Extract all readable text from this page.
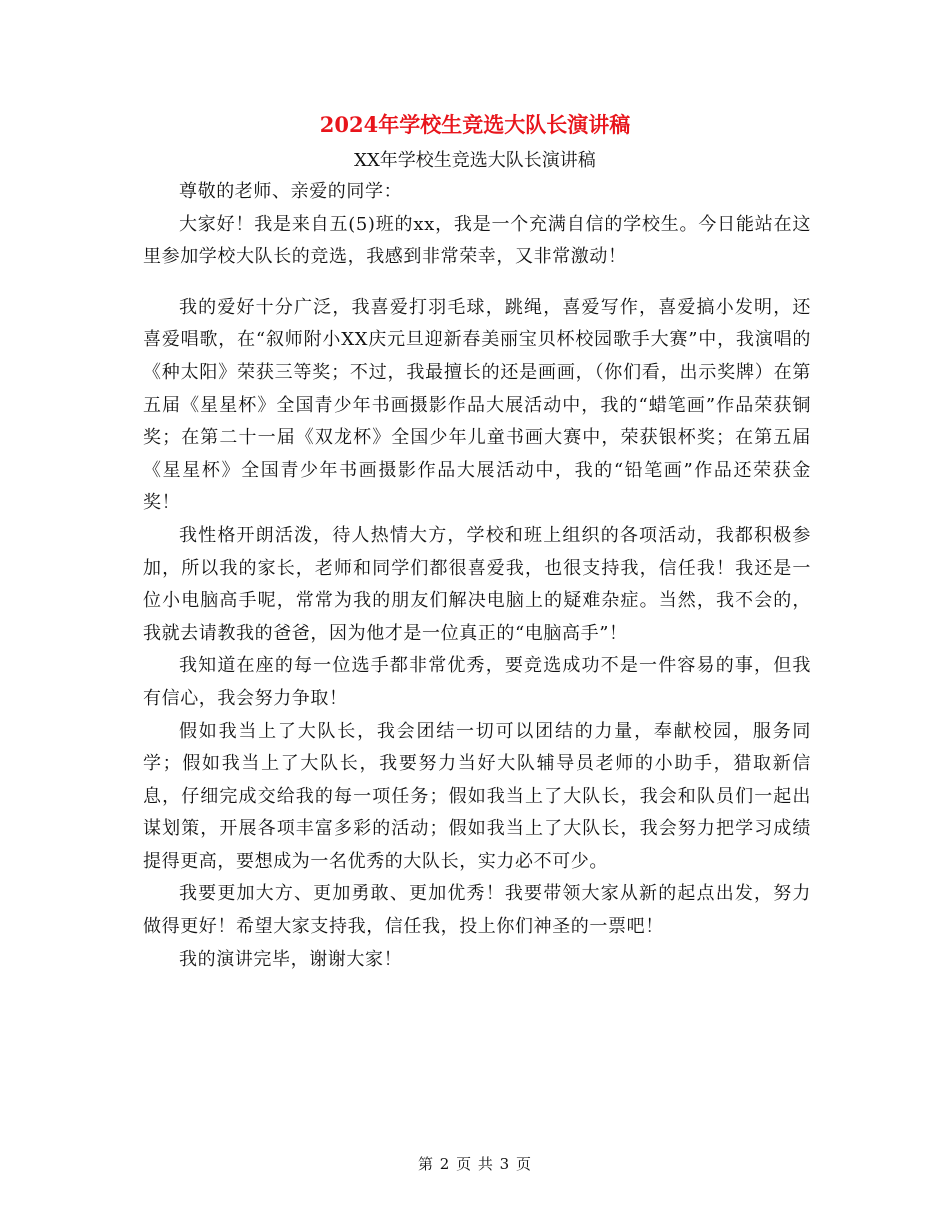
2024年学校生竞选大队长演讲稿
XX年学校生竞选大队长演讲稿

尊敬的老师、亲爱的同学：

大家好！我是来自五(5)班的xx，我是一个充满自信的学校生。今日能站在这里参加学校大队长的竞选，我感到非常荣幸，又非常激动！

我的爱好十分广泛，我喜爱打羽毛球，跳绳，喜爱写作，喜爱搞小发明，还喜爱唱歌，在“叙师附小XX庆元旦迎新春美丽宝贝杯校园歌手大赛”中，我演唱的《种太阳》荣获三等奖；不过，我最擅长的还是画画，（你们看，出示奖牌）在第五届《星星杯》全国青少年书画摄影作品大展活动中，我的“蜡笔画”作品荣获铜奖；在第二十一届《双龙杯》全国少年儿童书画大赛中，荣获银杯奖；在第五届《星星杯》全国青少年书画摄影作品大展活动中，我的“铅笔画”作品还荣获金奖！

我性格开朗活泼，待人热情大方，学校和班上组织的各项活动，我都积极参加，所以我的家长，老师和同学们都很喜爱我，也很支持我，信任我！我还是一位小电脑高手呢，常常为我的朋友们解决电脑上的疑难杂症。当然，我不会的，我就去请教我的爸爸，因为他才是一位真正的“电脑高手”！

我知道在座的每一位选手都非常优秀，要竞选成功不是一件容易的事，但我有信心，我会努力争取！

假如我当上了大队长，我会团结一切可以团结的力量，奉献校园，服务同学；假如我当上了大队长，我要努力当好大队辅导员老师的小助手，猎取新信息，仔细完成交给我的每一项任务；假如我当上了大队长，我会和队员们一起出谋划策，开展各项丰富多彩的活动；假如我当上了大队长，我会努力把学习成绩提得更高，要想成为一名优秀的大队长，实力必不可少。

我要更加大方、更加勇敢、更加优秀！我要带领大家从新的起点出发，努力做得更好！希望大家支持我，信任我，投上你们神圣的一票吧！

我的演讲完毕，谢谢大家！

第 2 页 共 3 页
